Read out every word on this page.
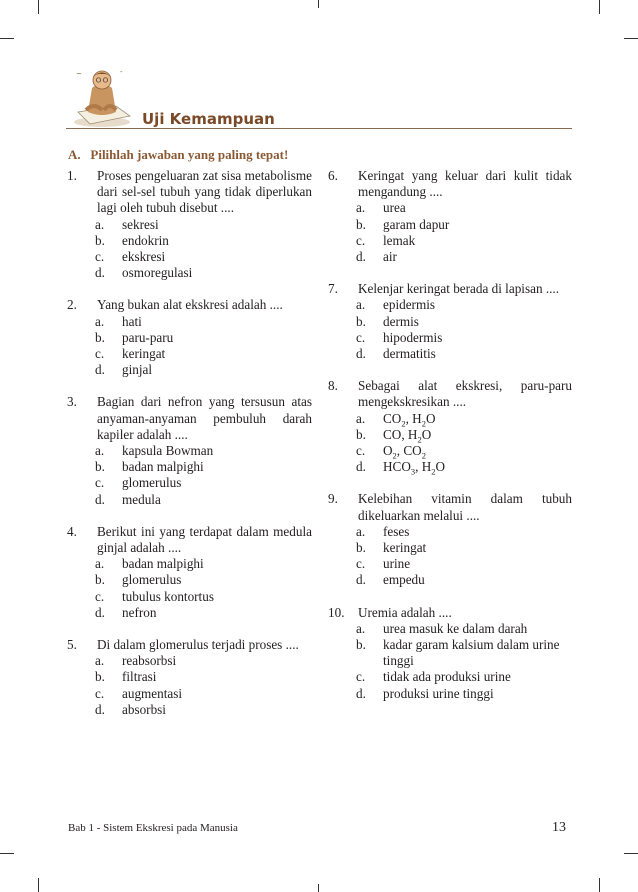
~	-
Uji Kemampuan
A. Pilihlah jawaban yang paling tepat!
1.	Proses pengeluaran zat sisa metabolisme dari sel-sel tubuh yang tidak diperlukan lagi oleh tubuh disebut ....
a.	sekresi
b.	endokrin
c.	ekskresi
d.	osmoregulasi
2.	Yang bukan alat ekskresi adalah ....
a.	hati
b.	paru-paru
c.	keringat
d.	ginjal
3.	Bagian dari nefron yang tersusun atas anyaman-anyaman pembuluh darah kapiler adalah ....
a.	kapsula Bowman
b.	badan malpighi
c.	glomerulus
d.	medula
4.	Berikut ini yang terdapat dalam medula ginjal adalah ....
a.	badan malpighi
b.	glomerulus
c.	tubulus kontortus
d.	nefron
5.	Di dalam glomerulus terjadi proses ....
a.	reabsorbsi
b.	filtrasi
c.	augmentasi
d.	absorbsi
6.	Keringat yang keluar dari kulit tidak mengandung ....
a.	urea
b.	garam dapur
c.	lemak
d.	air
7.	Kelenjar keringat berada di lapisan ....
a.	epidermis
b.	dermis
c.	hipodermis
d.	dermatitis
8.	Sebagai alat ekskresi, paru-paru mengekskresikan ....
a.	$CO_2$, $H_2O$
b.	CO, $H_2O$
c.	$O_2$, $CO_2$
d.	$HCO_3$, $H_2O$
9.	Kelebihan vitamin dalam tubuh dikeluarkan melalui ....
a.	feses
b.	keringat
c.	urine
d.	empedu
10.	Uremia adalah ....
a.	urea masuk ke dalam darah
b.	kadar garam kalsium dalam urine tinggi
c.	tidak ada produksi urine
d.	produksi urine tinggi
Bab 1 - Sistem Ekskresi pada Manusia	13
